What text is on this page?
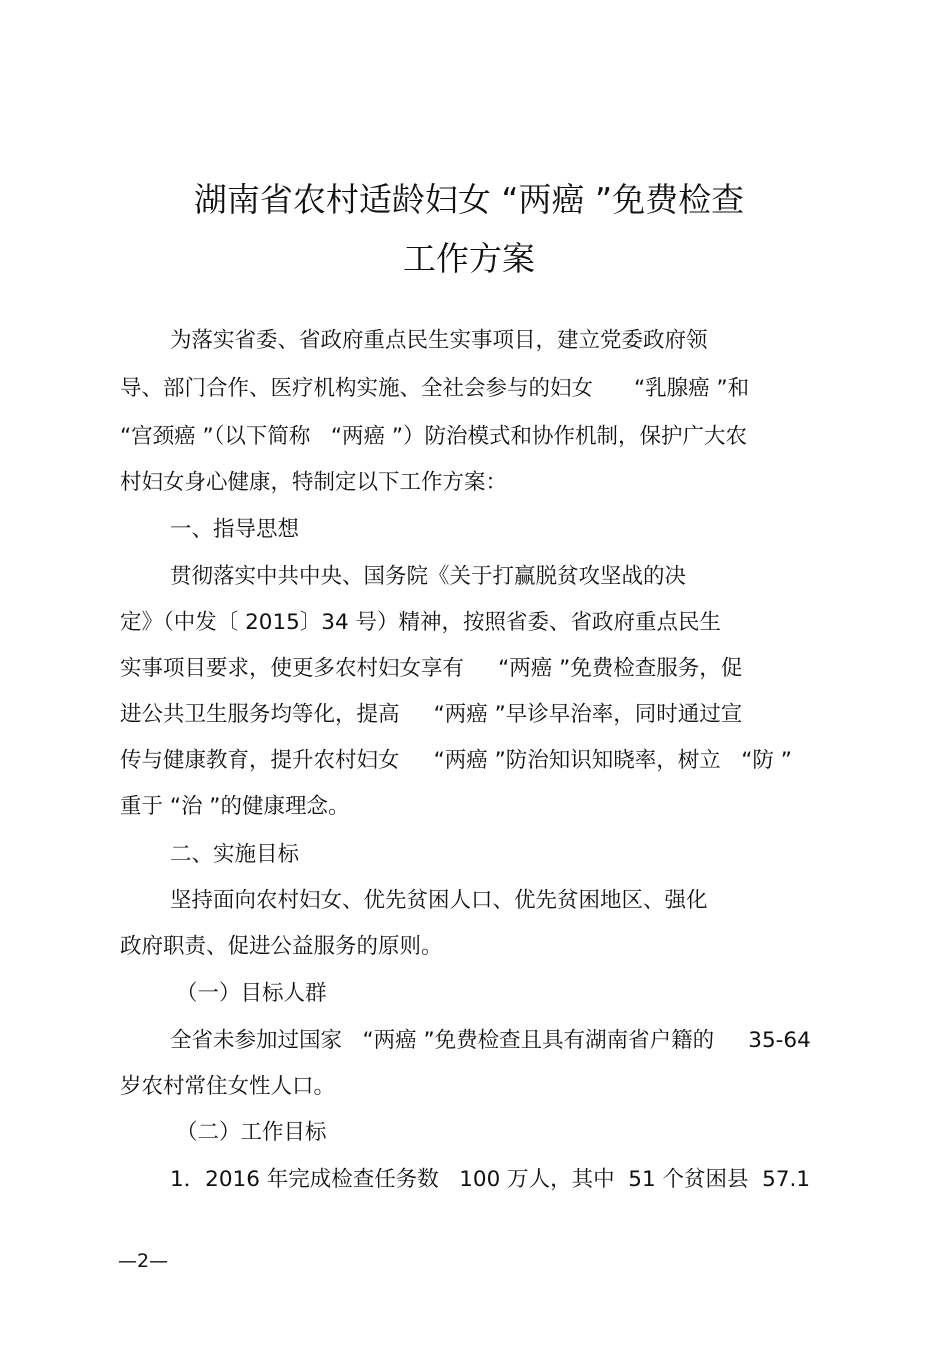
湖南省农村适龄妇女 “两癌 ”免费检查
工作方案
为落实省委、省政府重点民生实事项目，建立党委政府领
导、部门合作、医疗机构实施、全社会参与的妇女      “乳腺癌 ”和
“宫颈癌 ”（以下简称   “两癌 ”）防治模式和协作机制，保护广大农
村妇女身心健康，特制定以下工作方案：
一、指导思想
贯彻落实中共中央、国务院《关于打赢脱贫攻坚战的决
定》（中发〔 2015〕34 号）精神，按照省委、省政府重点民生
实事项目要求，使更多农村妇女享有     “两癌 ”免费检查服务，促
进公共卫生服务均等化，提高     “两癌 ”早诊早治率，同时通过宣
传与健康教育，提升农村妇女     “两癌 ”防治知识知晓率，树立   “防 ”
重于 “治 ”的健康理念。
二、实施目标
坚持面向农村妇女、优先贫困人口、优先贫困地区、强化
政府职责、促进公益服务的原则。
（一）目标人群
全省未参加过国家   “两癌 ”免费检查且具有湖南省户籍的     35-64
岁农村常住女性人口。
（二）工作目标
1．2016 年完成检查任务数   100 万人，其中  51 个贫困县  57.1
—2—
